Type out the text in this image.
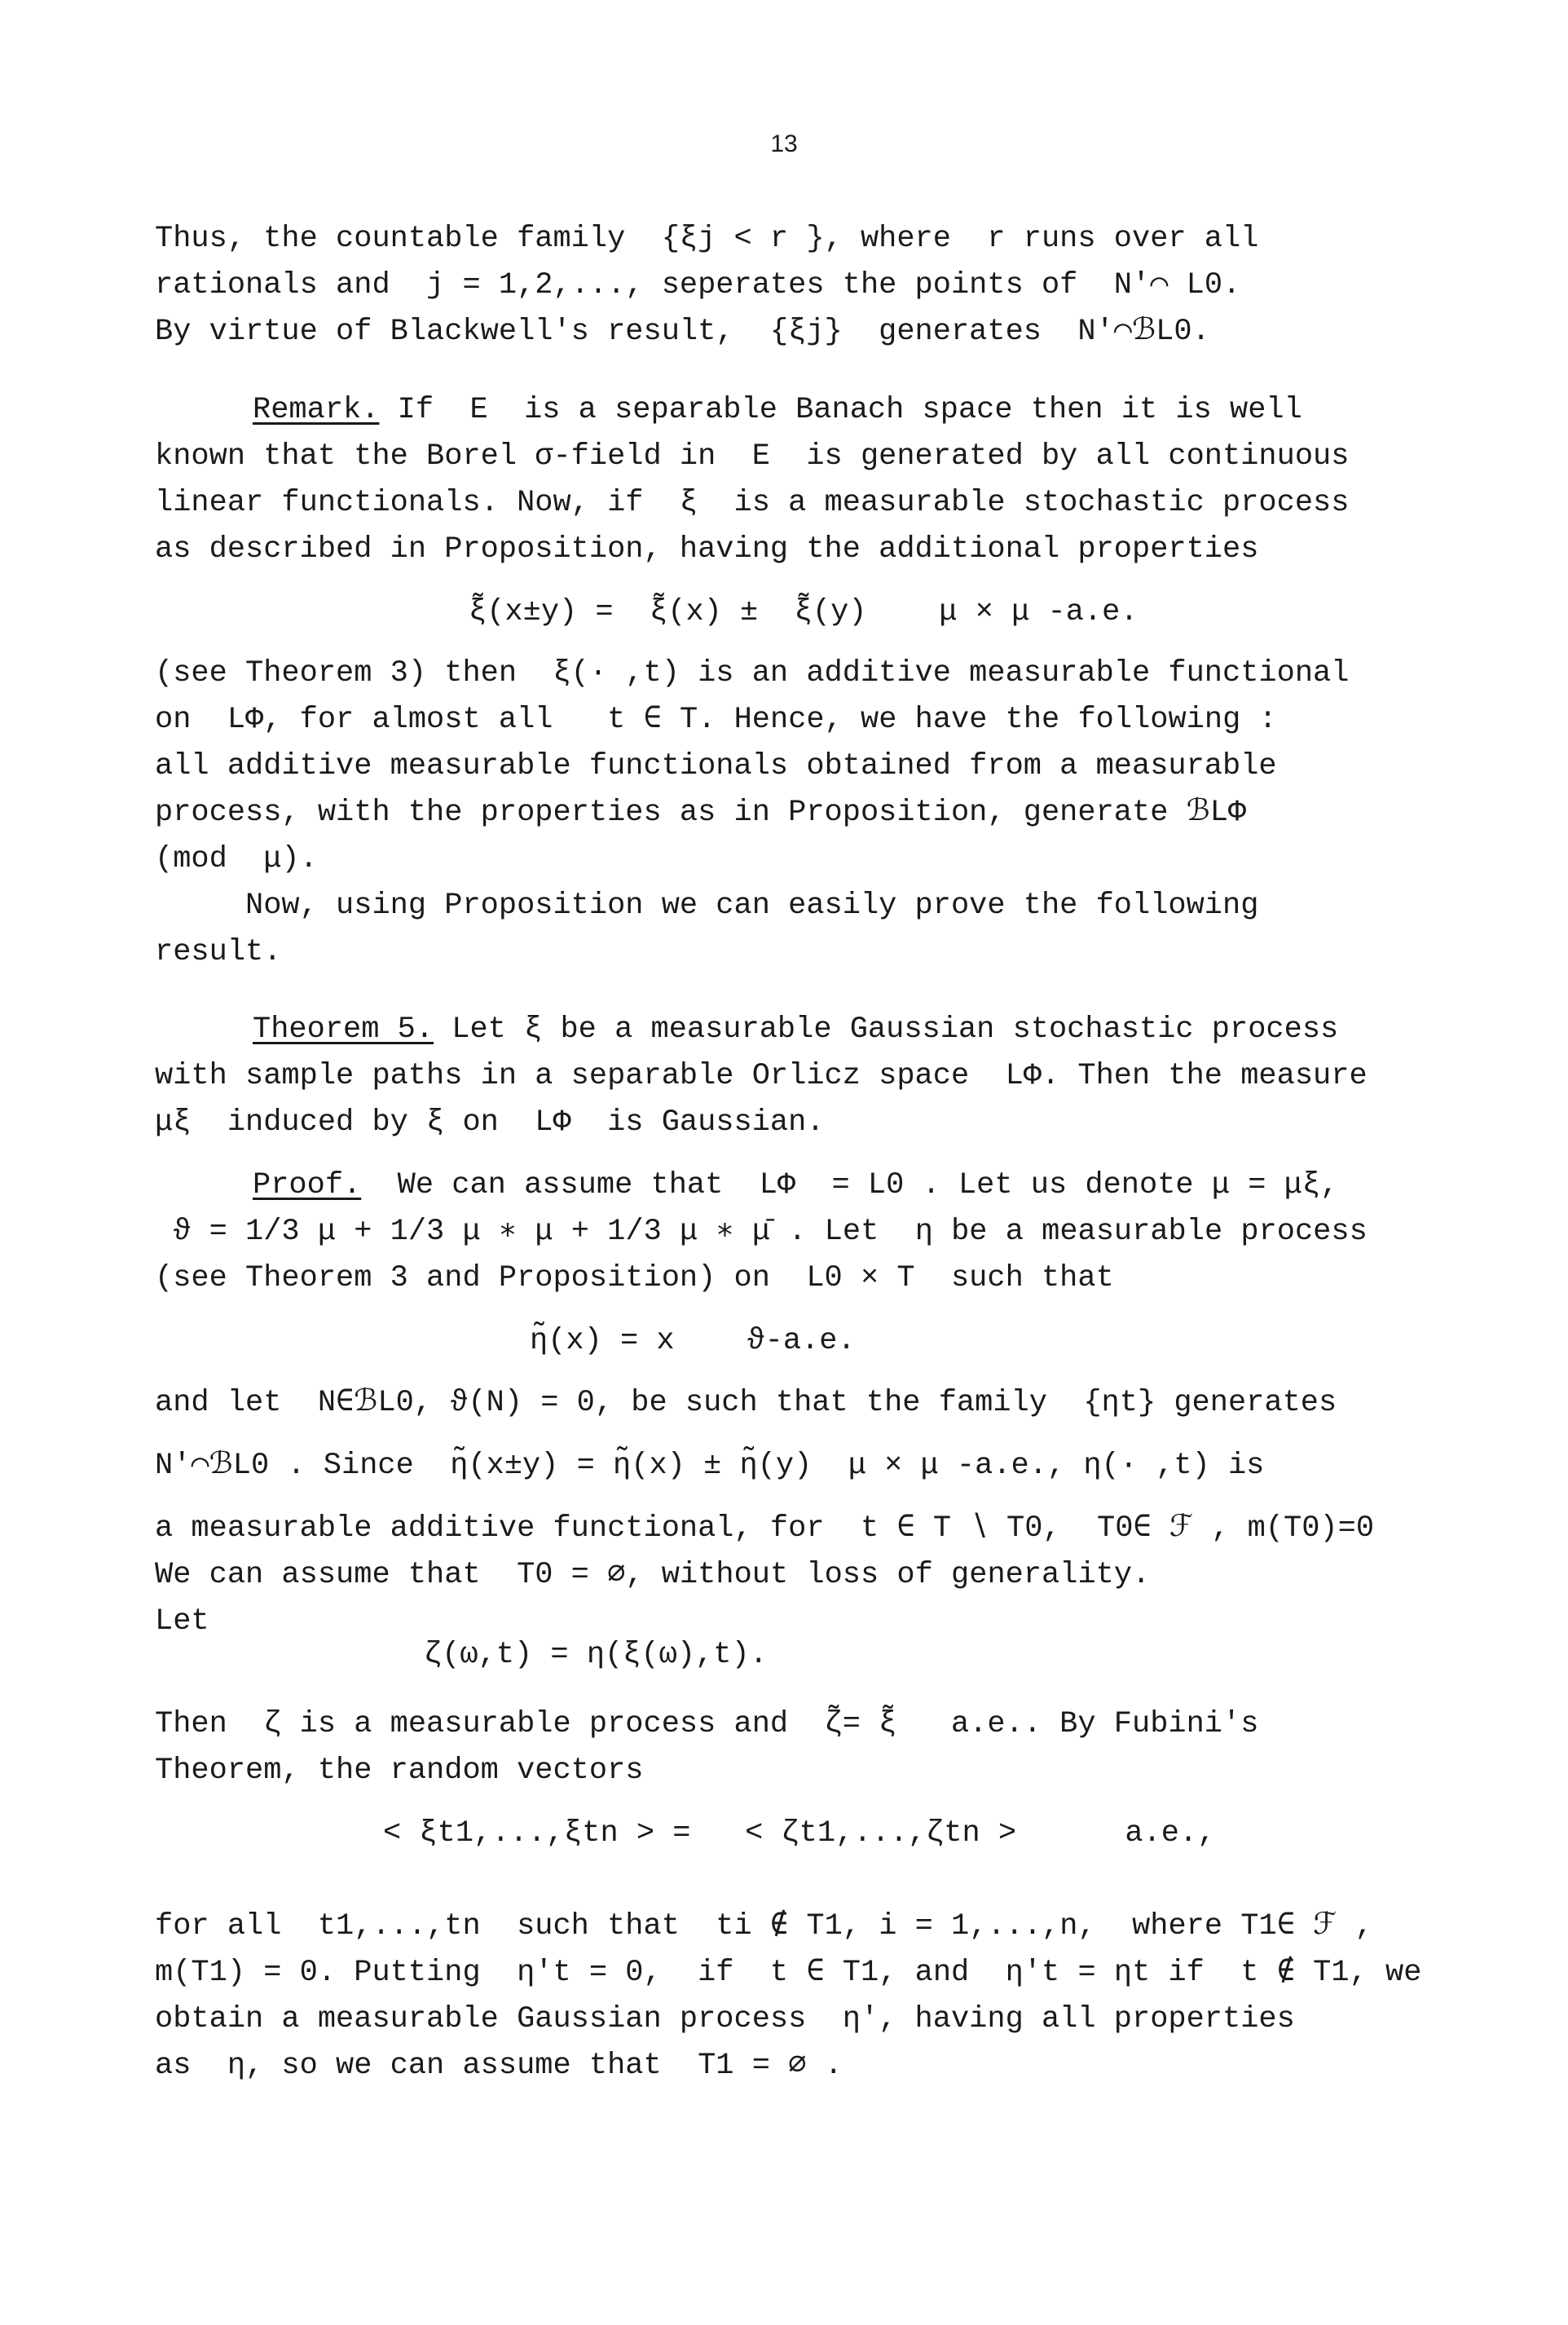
13

Thus, the countable family  {ξj < r }, where  r runs over all

rationals and  j = 1,2,..., seperates the points of  N'⌒ L0.

By virtue of Blackwell's result,  {ξj}  generates  N'⌒ℬL0.

Remark. If  E  is a separable Banach space then it is well

known that the Borel σ-field in  E  is generated by all continuous

linear functionals. Now, if  ξ  is a measurable stochastic process

as described in Proposition, having the additional properties

ξ̃(x±y) =  ξ̃(x) ±  ξ̃(y)    μ × μ -a.e.

(see Theorem 3) then  ξ(· ,t) is an additive measurable functional

on  LΦ, for almost all   t ∈ T. Hence, we have the following :

all additive measurable functionals obtained from a measurable

process, with the properties as in Proposition, generate ℬLΦ

(mod  μ).

Now, using Proposition we can easily prove the following

result.

Theorem 5. Let ξ be a measurable Gaussian stochastic process

with sample paths in a separable Orlicz space  LΦ. Then the measure

μξ  induced by ξ on  LΦ  is Gaussian.

Proof.  We can assume that  LΦ  = L0 . Let us denote μ = μξ,

ϑ = 1/3 μ + 1/3 μ ∗ μ + 1/3 μ ∗ μ̄ . Let  η be a measurable process

(see Theorem 3 and Proposition) on  L0 × T  such that

η̃(x) = x    ϑ-a.e.

and let  N∈ℬL0, ϑ(N) = 0, be such that the family  {ηt} generates

N'⌒ℬL0 . Since  η̃(x±y) = η̃(x) ± η̃(y)  μ × μ -a.e., η(· ,t) is

a measurable additive functional, for  t ∈ T ∖ T0,  T0∈ ℱ , m(T0)=0

We can assume that  T0 = ∅, without loss of generality.

Let

ζ(ω,t) = η(ξ(ω),t).

Then  ζ is a measurable process and  ζ̃= ξ̃   a.e.. By Fubini's

Theorem, the random vectors

< ξt1,...,ξtn > =   < ζt1,...,ζtn >      a.e.,

for all  t1,...,tn  such that  ti ∉ T1, i = 1,...,n,  where T1∈ ℱ ,

m(T1) = 0. Putting  η′t = 0,  if  t ∈ T1, and  η′t = ηt if  t ∉ T1, we

obtain a measurable Gaussian process  η′, having all properties

as  η, so we can assume that  T1 = ∅ .
